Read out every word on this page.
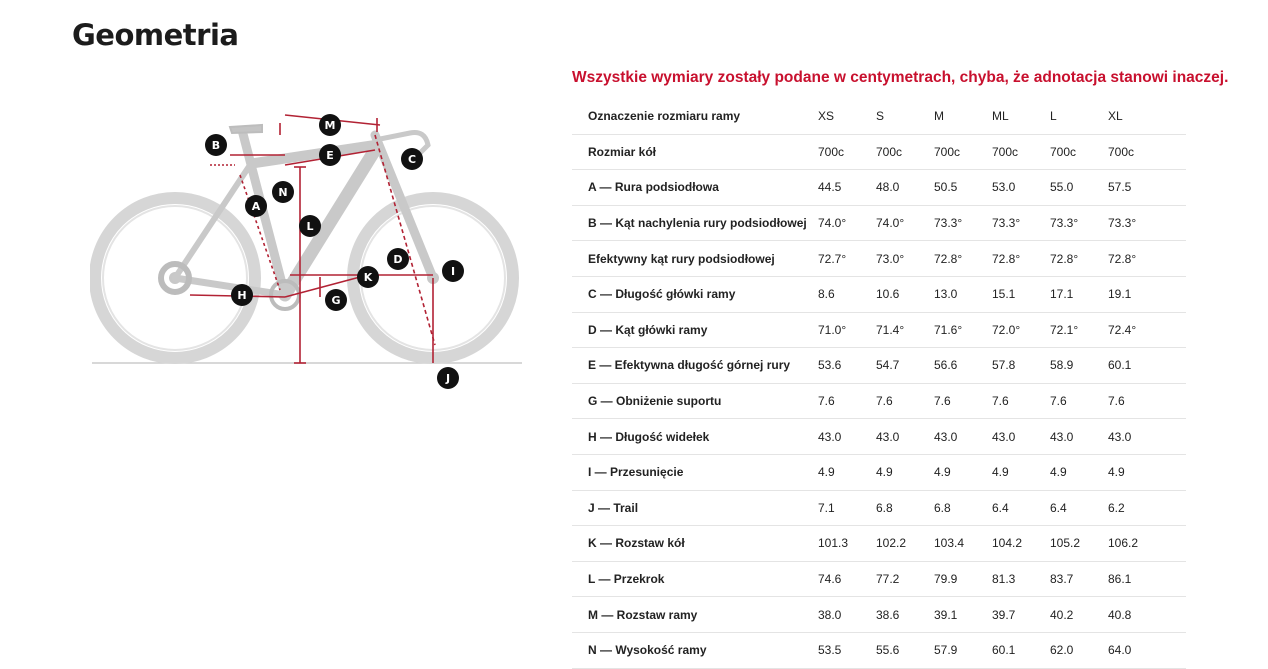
Geometria
B
M
E	C
N
A
L
D
I
K
H	G
J
Wszystkie wymiary zostały podane w centymetrach, chyba, że adnotacja stanowi inaczej.
Oznaczenie rozmiaru ramy	XS	S	M	ML	L	XL	
Rozmiar kół	700c	700c	700c	700c	700c	700c	
A — Rura podsiodłowa	44.5	48.0	50.5	53.0	55.0	57.5	
B — Kąt nachylenia rury podsiodłowej	74.0°	74.0°	73.3°	73.3°	73.3°	73.3°	
Efektywny kąt rury podsiodłowej	72.7°	73.0°	72.8°	72.8°	72.8°	72.8°	
C — Długość główki ramy	8.6	10.6	13.0	15.1	17.1	19.1	
D — Kąt główki ramy	71.0°	71.4°	71.6°	72.0°	72.1°	72.4°	
E — Efektywna długość górnej rury	53.6	54.7	56.6	57.8	58.9	60.1	
G — Obniżenie suportu	7.6	7.6	7.6	7.6	7.6	7.6	
H — Długość widełek	43.0	43.0	43.0	43.0	43.0	43.0	
I — Przesunięcie	4.9	4.9	4.9	4.9	4.9	4.9	
J — Trail	7.1	6.8	6.8	6.4	6.4	6.2	
K — Rozstaw kół	101.3	102.2	103.4	104.2	105.2	106.2	
L — Przekrok	74.6	77.2	79.9	81.3	83.7	86.1	
M — Rozstaw ramy	38.0	38.6	39.1	39.7	40.2	40.8	
N — Wysokość ramy	53.5	55.6	57.9	60.1	62.0	64.0	
